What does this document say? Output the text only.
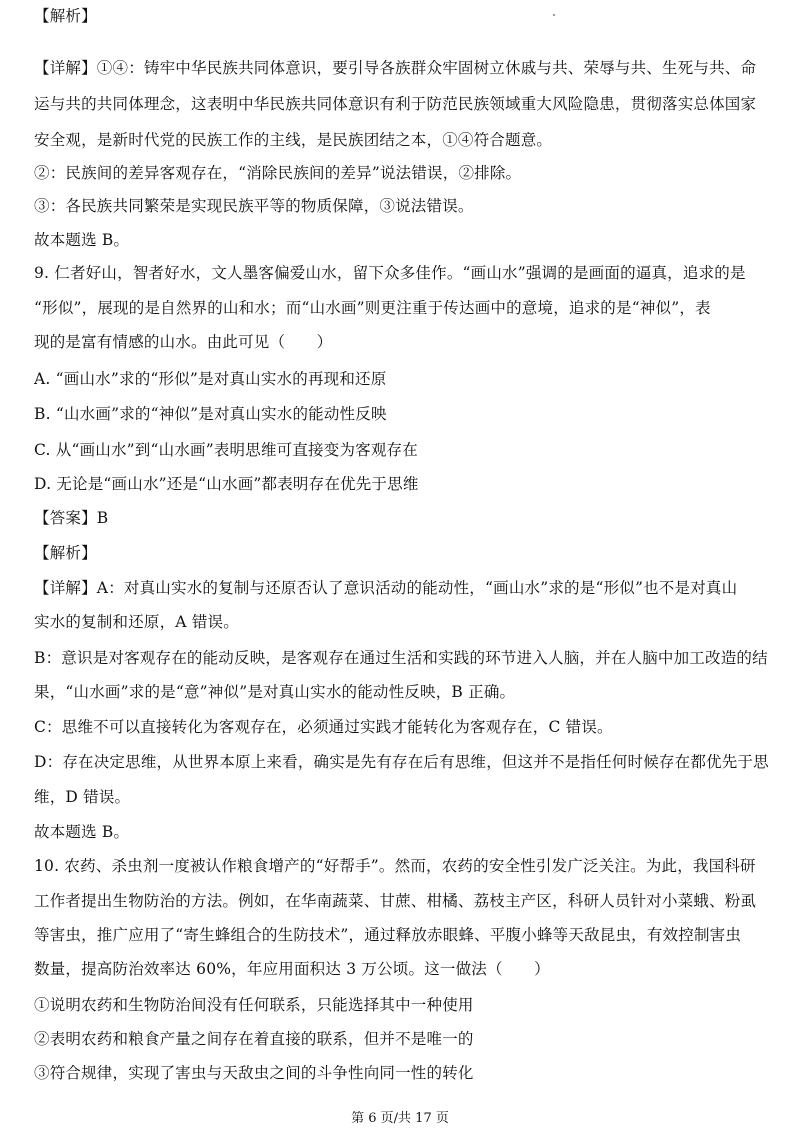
【解析】
【详解】①④：铸牢中华民族共同体意识，要引导各族群众牢固树立休戚与共、荣辱与共、生死与共、命
运与共的共同体理念，这表明中华民族共同体意识有利于防范民族领域重大风险隐患，贯彻落实总体国家
安全观，是新时代党的民族工作的主线，是民族团结之本，①④符合题意。
②：民族间的差异客观存在，“消除民族间的差异”说法错误，②排除。
③：各民族共同繁荣是实现民族平等的物质保障，③说法错误。
故本题选 B。
9. 仁者好山，智者好水，文人墨客偏爱山水，留下众多佳作。“画山水”强调的是画面的逼真，追求的是
“形似”，展现的是自然界的山和水；而“山水画”则更注重于传达画中的意境，追求的是“神似”，表
现的是富有情感的山水。由此可见（　　）
A. “画山水”求的“形似”是对真山实水的再现和还原
B. “山水画”求的“神似”是对真山实水的能动性反映
C. 从“画山水”到“山水画”表明思维可直接变为客观存在
D. 无论是“画山水”还是“山水画”都表明存在优先于思维
【答案】B
【解析】
【详解】A：对真山实水的复制与还原否认了意识活动的能动性，“画山水”求的是“形似”也不是对真山
实水的复制和还原，A 错误。
B：意识是对客观存在的能动反映，是客观存在通过生活和实践的环节进入人脑，并在人脑中加工改造的结
果，“山水画”求的是“意”神似”是对真山实水的能动性反映，B 正确。
C：思维不可以直接转化为客观存在，必须通过实践才能转化为客观存在，C 错误。
D：存在决定思维，从世界本原上来看，确实是先有存在后有思维，但这并不是指任何时候存在都优先于思
维，D 错误。
故本题选 B。
10. 农药、杀虫剂一度被认作粮食增产的“好帮手”。然而，农药的安全性引发广泛关注。为此，我国科研
工作者提出生物防治的方法。例如，在华南蔬菜、甘蔗、柑橘、荔枝主产区，科研人员针对小菜蛾、粉虱
等害虫，推广应用了“寄生蜂组合的生防技术”，通过释放赤眼蜂、平腹小蜂等天敌昆虫，有效控制害虫
数量，提高防治效率达 60%，年应用面积达 3 万公顷。这一做法（　　）
①说明农药和生物防治间没有任何联系，只能选择其中一种使用
②表明农药和粮食产量之间存在着直接的联系，但并不是唯一的
③符合规律，实现了害虫与天敌虫之间的斗争性向同一性的转化
第 6 页/共 17 页
